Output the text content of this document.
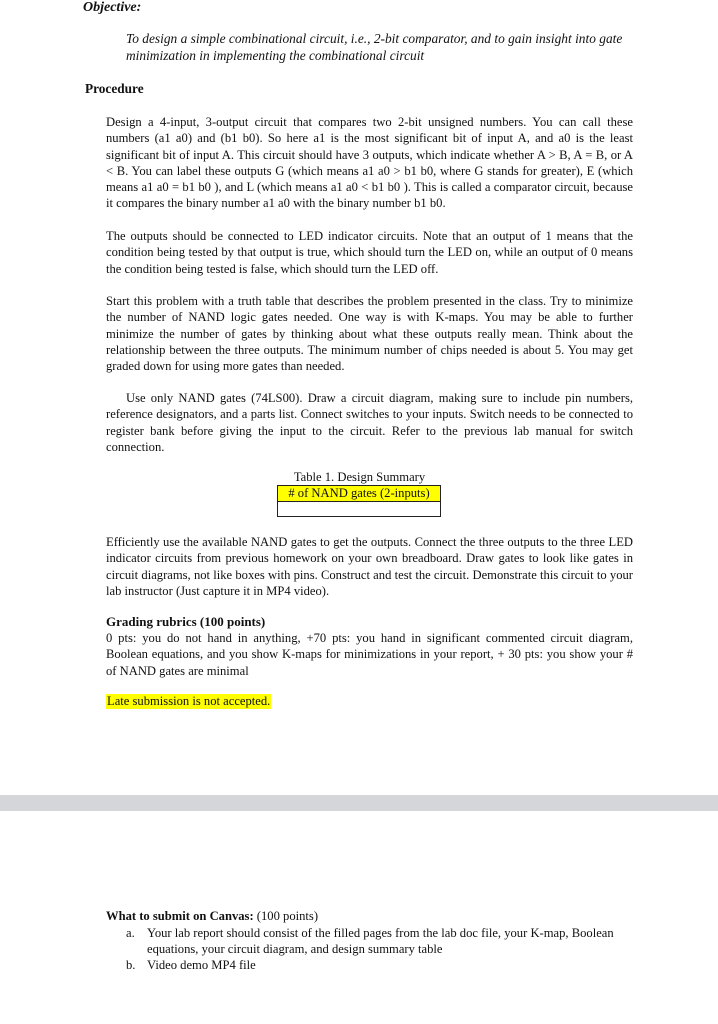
Objective:
To design a simple combinational circuit, i.e., 2-bit comparator, and to gain insight into gate minimization in implementing the combinational circuit
Procedure

Design a 4-input, 3-output circuit that compares two 2-bit unsigned numbers. You can call these numbers (a1 a0) and (b1 b0). So here a1 is the most significant bit of input A, and a0 is the least significant bit of input A. This circuit should have 3 outputs, which indicate whether A > B, A = B, or A < B. You can label these outputs G (which means a1 a0 > b1 b0, where G stands for greater), E (which means a1 a0 = b1 b0 ), and L (which means a1 a0 < b1 b0 ). This is called a comparator circuit, because it compares the binary number a1 a0 with the binary number b1 b0.

The outputs should be connected to LED indicator circuits. Note that an output of 1 means that the condition being tested by that output is true, which should turn the LED on, while an output of 0 means the condition being tested is false, which should turn the LED off.

Start this problem with a truth table that describes the problem presented in the class. Try to minimize the number of NAND logic gates needed. One way is with K-maps. You may be able to further minimize the number of gates by thinking about what these outputs really mean. Think about the relationship between the three outputs. The minimum number of chips needed is about 5. You may get graded down for using more gates than needed.

Use only NAND gates (74LS00). Draw a circuit diagram, making sure to include pin numbers, reference designators, and a parts list. Connect switches to your inputs. Switch needs to be connected to register bank before giving the input to the circuit. Refer to the previous lab manual for switch connection.

Table 1. Design Summary
# of NAND gates (2-inputs)

Efficiently use the available NAND gates to get the outputs. Connect the three outputs to the three LED indicator circuits from previous homework on your own breadboard. Draw gates to look like gates in circuit diagrams, not like boxes with pins. Construct and test the circuit. Demonstrate this circuit to your lab instructor (Just capture it in MP4 video).

Grading rubrics (100 points)

0 pts: you do not hand in anything, +70 pts: you hand in significant commented circuit diagram, Boolean equations, and you show K-maps for minimizations in your report, + 30 pts: you show your # of NAND gates are minimal

Late submission is not accepted.
What to submit on Canvas: (100 points)
a. Your lab report should consist of the filled pages from the lab doc file, your K-map, Boolean equations, your circuit diagram, and design summary table
b. Video demo MP4 file
